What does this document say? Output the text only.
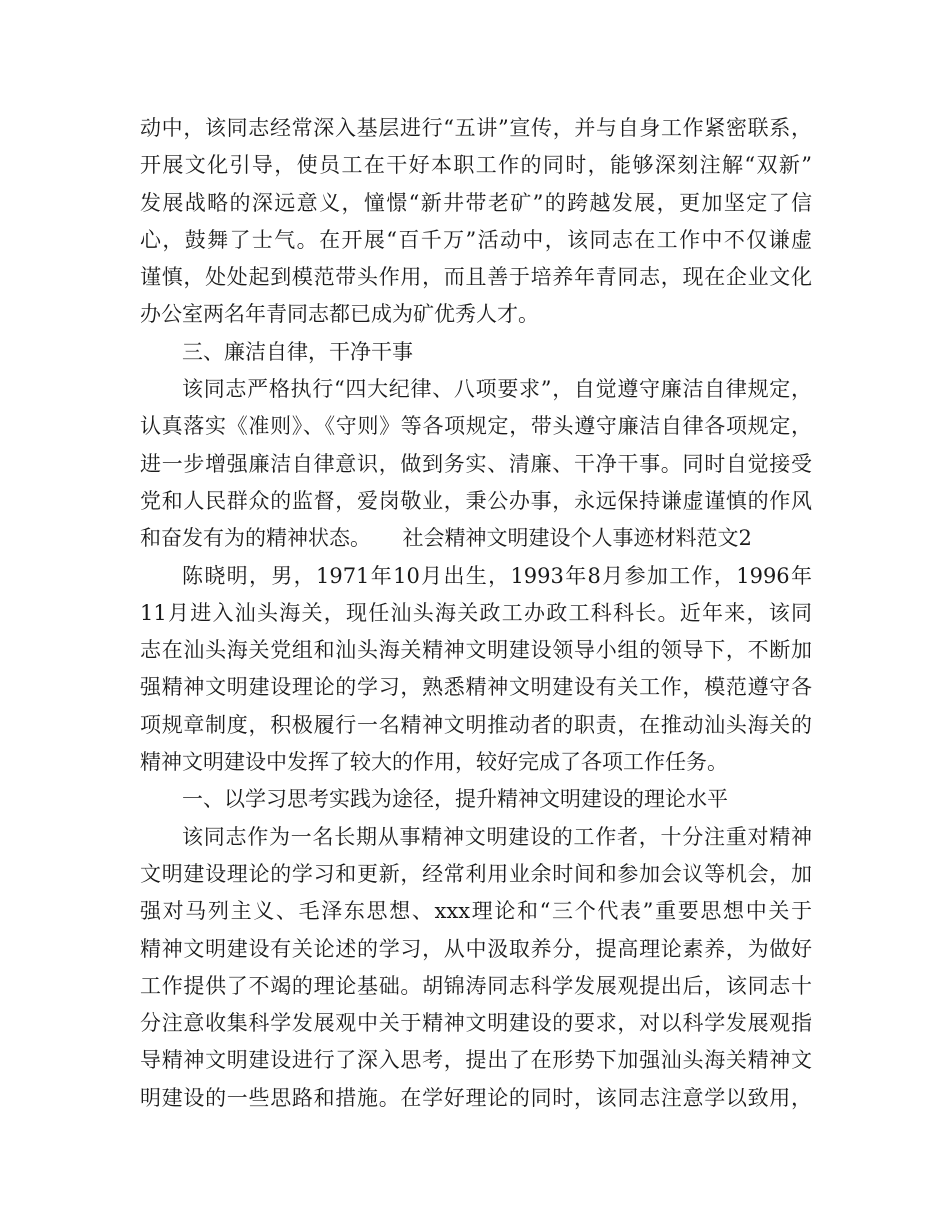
动中，该同志经常深入基层进行“五讲”宣传，并与自身工作紧密联系，
开展文化引导，使员工在干好本职工作的同时，能够深刻注解“双新”
发展战略的深远意义，憧憬“新井带老矿”的跨越发展，更加坚定了信
心，鼓舞了士气。在开展“百千万”活动中，该同志在工作中不仅谦虚
谨慎，处处起到模范带头作用，而且善于培养年青同志，现在企业文化
办公室两名年青同志都已成为矿优秀人才。
三、廉洁自律，干净干事
该同志严格执行“四大纪律、八项要求”，自觉遵守廉洁自律规定，
认真落实《准则》、《守则》等各项规定，带头遵守廉洁自律各项规定，
进一步增强廉洁自律意识，做到务实、清廉、干净干事。同时自觉接受
党和人民群众的监督，爱岗敬业，秉公办事，永远保持谦虚谨慎的作风
和奋发有为的精神状态。　　社会精神文明建设个人事迹材料范文2
陈晓明，男，1971年10月出生，1993年8月参加工作，1996年
11月进入汕头海关，现任汕头海关政工办政工科科长。近年来，该同
志在汕头海关党组和汕头海关精神文明建设领导小组的领导下，不断加
强精神文明建设理论的学习，熟悉精神文明建设有关工作，模范遵守各
项规章制度，积极履行一名精神文明推动者的职责，在推动汕头海关的
精神文明建设中发挥了较大的作用，较好完成了各项工作任务。
一、以学习思考实践为途径，提升精神文明建设的理论水平
该同志作为一名长期从事精神文明建设的工作者，十分注重对精神
文明建设理论的学习和更新，经常利用业余时间和参加会议等机会，加
强对马列主义、毛泽东思想、xxx理论和“三个代表”重要思想中关于
精神文明建设有关论述的学习，从中汲取养分，提高理论素养，为做好
工作提供了不竭的理论基础。胡锦涛同志科学发展观提出后，该同志十
分注意收集科学发展观中关于精神文明建设的要求，对以科学发展观指
导精神文明建设进行了深入思考，提出了在形势下加强汕头海关精神文
明建设的一些思路和措施。在学好理论的同时，该同志注意学以致用，
